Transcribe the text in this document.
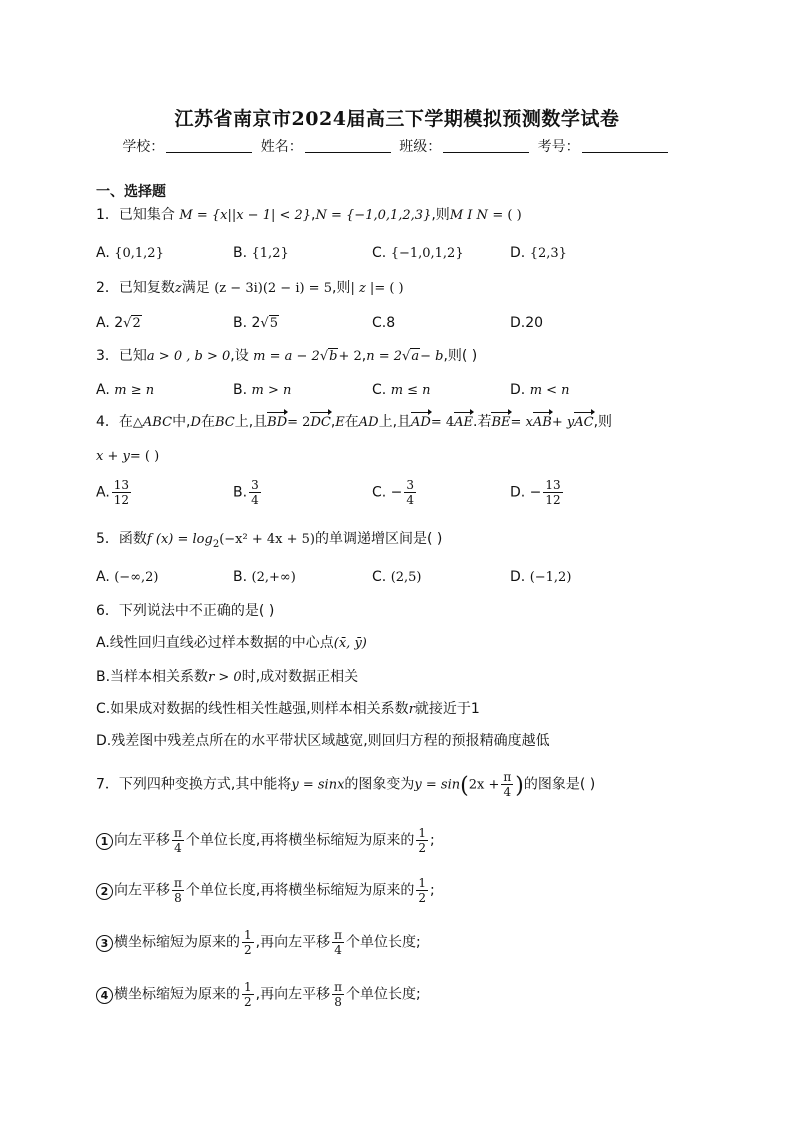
江苏省南京市2024届高三下学期模拟预测数学试卷
学校：	姓名：	班级：	考号：
一、选择题
1．已知集合 M = {x||x − 1| < 2},N = {−1,0,1,2,3},则M I N = ( )
A. {0,1,2}	B. {1,2}	C. {−1,0,1,2}	D. {2,3}
2．已知复数z满足 (z − 3i)(2 − i) = 5,则| z |= ( )
A. 2√2	B. 2√5	C.8	D.20
3．已知a > 0 , b > 0,设 m = a − 2√b+ 2,n = 2√a− b,则( )
A. m ≥ n	B. m > n	C. m ≤ n	D. m < n
4．在△ABC中,D在BC上,且BD= 2DC,E在AD上,且AD= 4AE.若BE= xAB+ yAC,则
x + y= ( )
A. $\frac{13}{12}$	B. $\frac{3}{4}$	C. − $\frac{3}{4}$	D. − $\frac{13}{12}$
5．函数f $(x) = \log_2(-x^2 + 4x + 5)$的单调递增区间是( )
A. (−∞,2)	B. (2,+∞)	C. (2,5)	D. (−1,2)
6．下列说法中不正确的是( )
A.线性回归直线必过样本数据的中心点(x̄, ȳ)
B.当样本相关系数r > 0时,成对数据正相关
C.如果成对数据的线性相关性越强,则样本相关系数r就接近于1
D.残差图中残差点所在的水平带状区域越宽,则回归方程的预报精确度越低
7．下列四种变换方式,其中能将y = sinx的图象变为$y = \sin(2x + \frac{\pi}{4}$ )的图象是( )
1 向左平移 $\frac{\pi}{4}$ 个单位长度,再将横坐标缩短为原来的 $\frac{1}{2}$ ;
2 向左平移 $\frac{\pi}{8}$ 个单位长度,再将横坐标缩短为原来的 $\frac{1}{2}$ ;
3 横坐标缩短为原来的 $\frac{1}{2}$ ,再向左平移 $\frac{\pi}{4}$ 个单位长度;
4 横坐标缩短为原来的 $\frac{1}{2}$ ,再向左平移 $\frac{\pi}{8}$ 个单位长度;
